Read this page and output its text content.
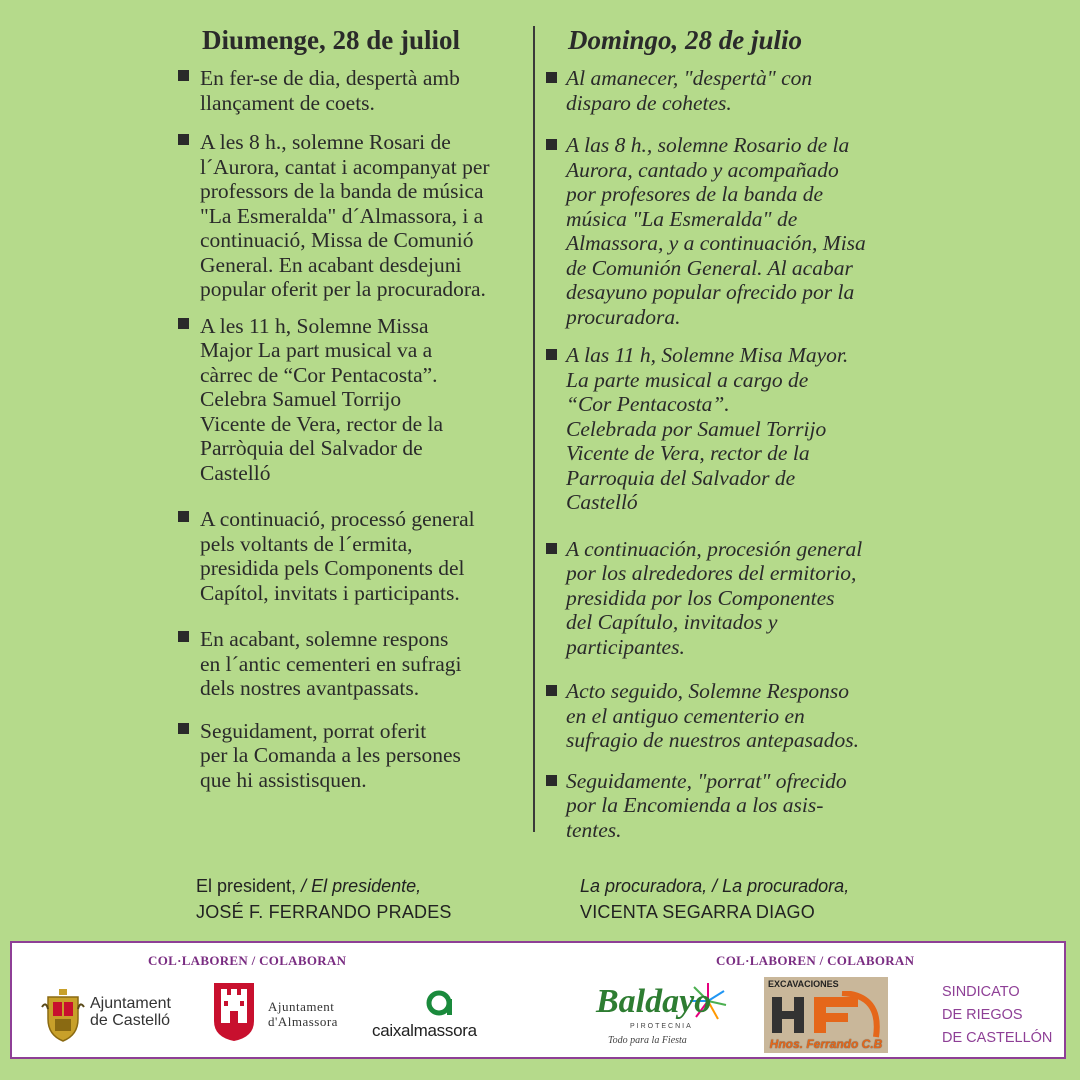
Diumenge, 28 de juliol
En fer-se de dia, despertà amb
llançament de coets.
A les 8 h., solemne Rosari de
l´Aurora, cantat i acompanyat per
professors de la banda de música
"La Esmeralda" d´Almassora, i a
continuació, Missa de Comunió
General. En acabant desdejuni
popular oferit per la procuradora.
A les 11 h, Solemne Missa
Major La part musical va a
càrrec de “Cor Pentacosta”.
Celebra Samuel Torrijo
Vicente de Vera, rector de la
Parròquia del Salvador de
Castelló
A continuació, processó general
pels voltants de l´ermita,
presidida pels Components del
Capítol, invitats i participants.
En acabant, solemne respons
en l´antic cementeri en sufragi
dels nostres avantpassats.
Seguidament, porrat oferit
per la Comanda a les persones
que hi assistisquen.
Domingo, 28 de julio
Al amanecer, "despertà" con
disparo de cohetes.
A las 8 h., solemne Rosario de la
Aurora, cantado y acompañado
por profesores de la banda de
música "La Esmeralda" de
Almassora, y a continuación, Misa
de Comunión General. Al acabar
desayuno popular ofrecido por la
procuradora.
A las 11 h, Solemne Misa Mayor.
La parte musical a cargo de
“Cor Pentacosta”.
Celebrada por Samuel Torrijo
Vicente de Vera, rector de la
Parroquia del Salvador de
Castelló
A continuación, procesión general
por los alrededores del ermitorio,
presidida por los Componentes
del Capítulo, invitados y
participantes.
Acto seguido, Solemne Responso
en el antiguo cementerio en
sufragio de nuestros antepasados.
Seguidamente, "porrat" ofrecido
por la Encomienda a los asis-
tentes.
El president, / El presidente,
JOSÉ F. FERRANDO PRADES
La procuradora, / La procuradora,
VICENTA SEGARRA DIAGO
COL·LABOREN / COLABORAN	COL·LABOREN / COLABORAN
Ajuntament
de Castelló
Ajuntament
d'Almassora caixalmassora
Baldayo
PIROTECNIA
Todo para la Fiesta
EXCAVACIONES
Hnos. Ferrando C.B
SINDICATO
DE RIEGOS
DE CASTELLÓN
